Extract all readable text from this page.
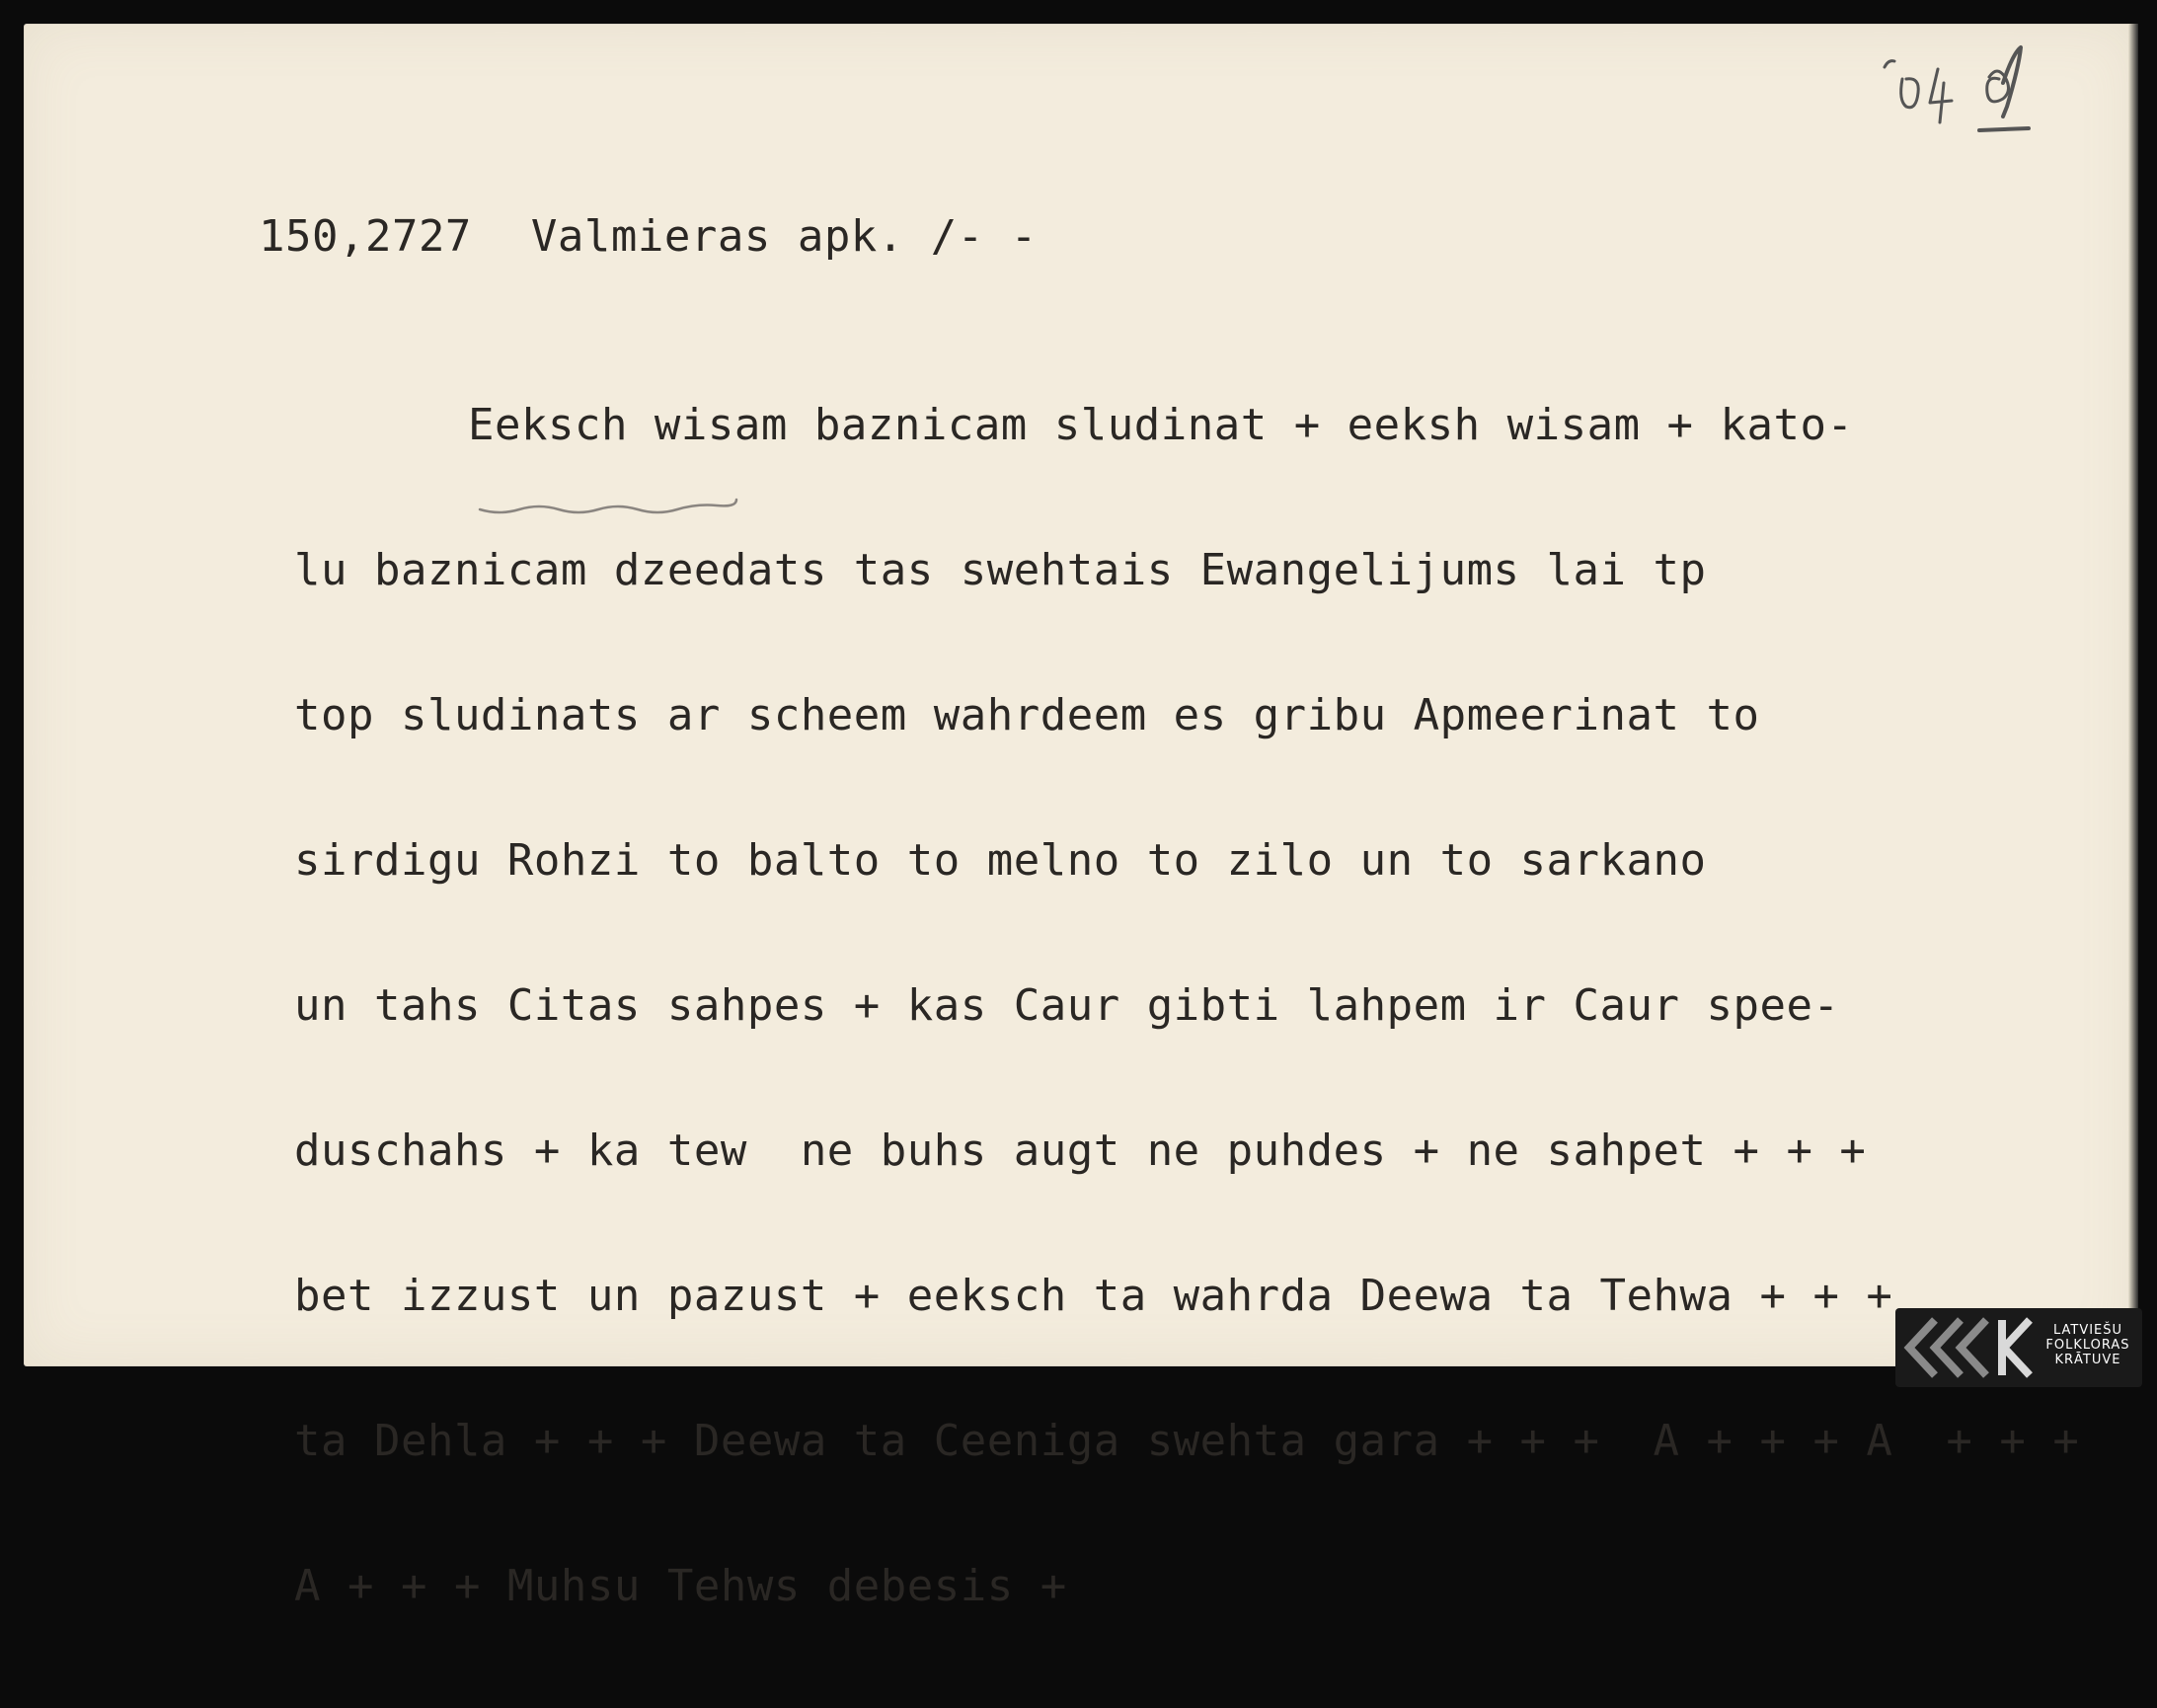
150,2727 Valmieras apk. /- -

Eeksch wisam baznicam sludinat + eeksh wisam + kato-

lu baznicam dzeedats tas swehtais Ewangelijums lai tp

top sludinats ar scheem wahrdeem es gribu Apmeerinat to

sirdigu Rohzi to balto to melno to zilo un to sarkano

un tahs Citas sahpes + kas Caur gibti lahpem ir Caur spee-

duschahs + ka tew  ne buhs augt ne puhdes + ne sahpet + + +

bet izzust un pazust + eeksch ta wahrda Deewa ta Tehwa + + +

ta Dehla + + + Deewa ta Ceeniga swehta gara + + +  A + + + A  + + +

A + + + Muhsu Tehws debesis +

LATVIEŠU
FOLKLORAS
KRĀTUVE
